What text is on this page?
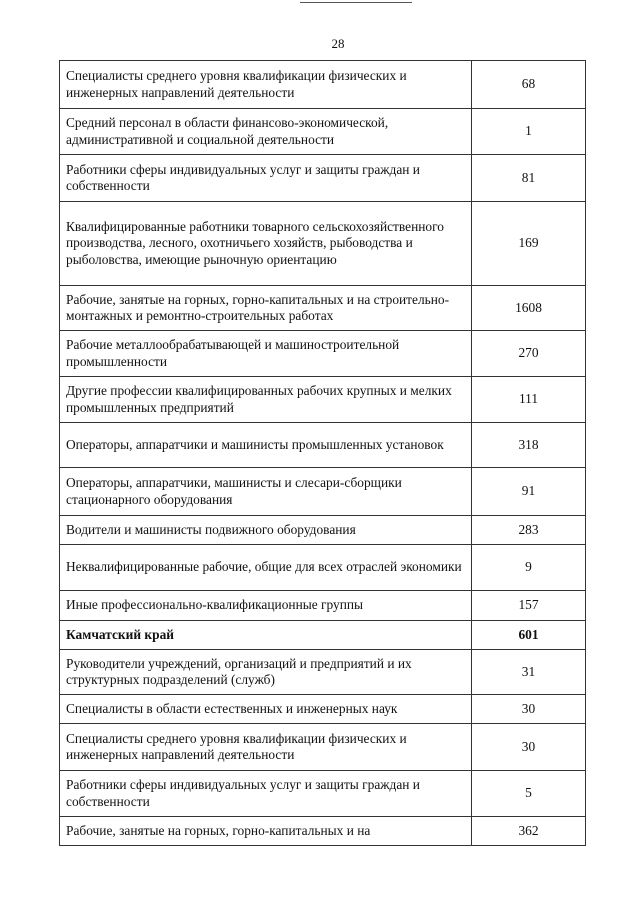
28
Специалисты среднего уровня квалификации физических и инженерных направлений деятельности	68
Средний персонал в области финансово-экономической, административной и социальной деятельности	1
Работники сферы индивидуальных услуг и защиты граждан и собственности	81
Квалифицированные работники товарного сельскохозяйственного производства, лесного, охотничьего хозяйств, рыбоводства и рыболовства, имеющие рыночную ориентацию	169
Рабочие, занятые на горных, горно-капитальных и на строительно-монтажных и ремонтно-строительных работах	1608
Рабочие металлообрабатывающей и машиностроительной промышленности	270
Другие профессии квалифицированных рабочих крупных и мелких промышленных предприятий	111
Операторы, аппаратчики и машинисты промышленных установок	318
Операторы, аппаратчики, машинисты и слесари-сборщики стационарного оборудования	91
Водители и машинисты подвижного оборудования	283
Неквалифицированные рабочие, общие для всех отраслей экономики	9
Иные профессионально-квалификационные группы	157
Камчатский край	601
Руководители учреждений, организаций и предприятий и их структурных подразделений (служб)	31
Специалисты в области естественных и инженерных наук	30
Специалисты среднего уровня квалификации физических и инженерных направлений деятельности	30
Работники сферы индивидуальных услуг и защиты граждан и собственности	5
Рабочие, занятые на горных, горно-капитальных и на	362
